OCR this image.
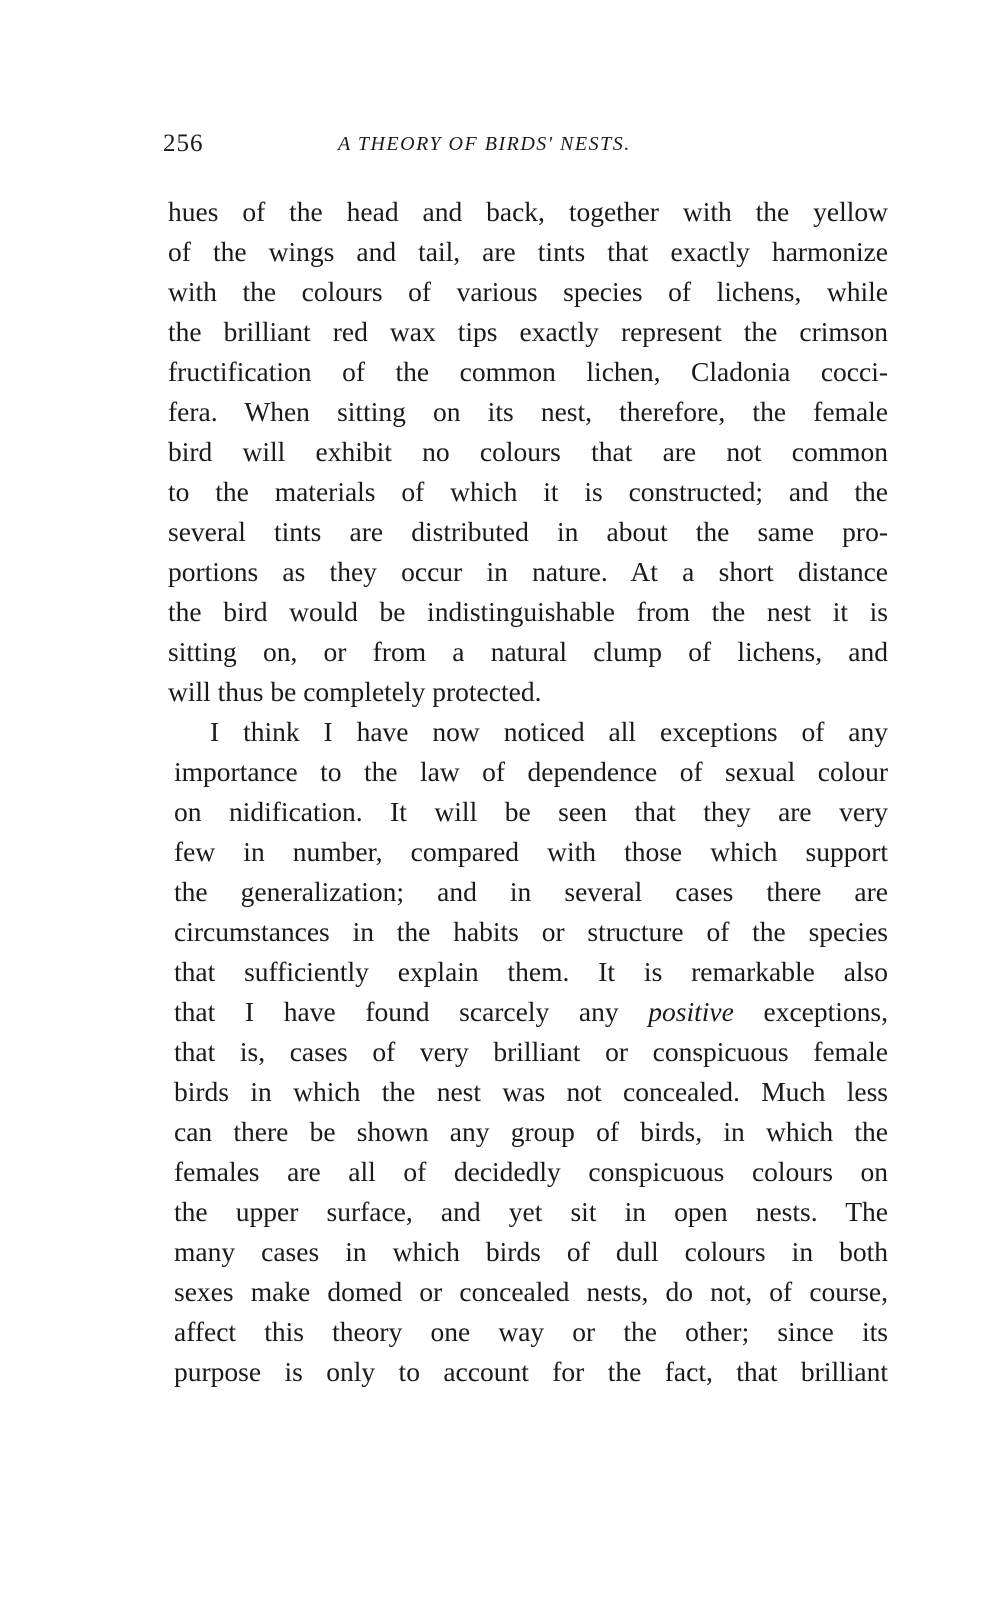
256	A THEORY OF BIRDS' NESTS.
hues of the head and back, together with the yellow
of the wings and tail, are tints that exactly harmonize
with the colours of various species of lichens, while
the brilliant red wax tips exactly represent the crimson
fructification of the common lichen, Cladonia cocci-
fera. When sitting on its nest, therefore, the female
bird will exhibit no colours that are not common
to the materials of which it is constructed; and the
several tints are distributed in about the same pro-
portions as they occur in nature. At a short distance
the bird would be indistinguishable from the nest it is
sitting on, or from a natural clump of lichens, and
will thus be completely protected.
I think I have now noticed all exceptions of any
importance to the law of dependence of sexual colour
on nidification. It will be seen that they are very
few in number, compared with those which support
the generalization; and in several cases there are
circumstances in the habits or structure of the species
that sufficiently explain them. It is remarkable also
that I have found scarcely any positive exceptions,
that is, cases of very brilliant or conspicuous female
birds in which the nest was not concealed. Much less
can there be shown any group of birds, in which the
females are all of decidedly conspicuous colours on
the upper surface, and yet sit in open nests. The
many cases in which birds of dull colours in both
sexes make domed or concealed nests, do not, of course,
affect this theory one way or the other; since its
purpose is only to account for the fact, that brilliant
